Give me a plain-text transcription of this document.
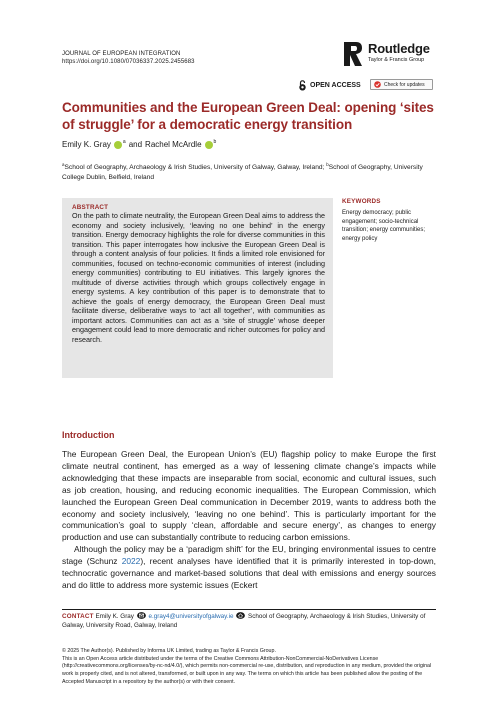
JOURNAL OF EUROPEAN INTEGRATION
https://doi.org/10.1080/07036337.2025.2455683
Routledge
Taylor & Francis Group
OPEN ACCESS	Check for updates
Communities and the European Green Deal: opening ‘sites of struggle’ for a democratic energy transition
Emily K. Gray a and Rachel McArdle b
$^a$School of Geography, Archaeology & Irish Studies, University of Galway, Galway, Ireland; $^b$School of Geography, University College Dublin, Belfield, Ireland
ABSTRACT
On the path to climate neutrality, the European Green Deal aims to address the economy and society inclusively, ‘leaving no one behind’ in the energy transition. Energy democracy highlights the role for diverse communities in this transition. This paper interrogates how inclusive the European Green Deal is through a content analysis of four policies. It finds a limited role envisioned for communities, focused on techno-economic communities of interest (including energy communities) contributing to EU initiatives. This largely ignores the multitude of diverse activities through which groups collectively engage in energy systems. A key contribution of this paper is to demonstrate that to achieve the goals of energy democracy, the European Green Deal must facilitate diverse, deliberative ways to ‘act all together’, with communities as important actors. Communities can act as a ‘site of struggle’ whose deeper engagement could lead to more democratic and richer outcomes for policy and research.
KEYWORDS
Energy democracy; public engagement; socio-technical transition; energy communities; energy policy
Introduction

The European Green Deal, the European Union’s (EU) flagship policy to make Europe the first climate neutral continent, has emerged as a way of lessening climate change’s impacts while acknowledging that these impacts are inseparable from social, economic and cultural issues, such as job creation, housing, and reducing economic inequalities. The European Commission, which launched the European Green Deal communication in December 2019, wants to address both the economy and society inclusively, ‘leaving no one behind’. This is particularly important for the communication’s goal to supply ‘clean, affordable and secure energy’, as changes to energy production and use can substantially contribute to reducing carbon emissions.

Although the policy may be a ‘paradigm shift’ for the EU, bringing environmental issues to centre stage (Schunz 2022), recent analyses have identified that it is primarily interested in top-down, technocratic governance and market-based solutions that deal with emissions and energy sources and do little to address more systemic issues (Eckert

CONTACT Emily K. Gray e.gray4@universityofgalway.ie School of Geography, Archaeology & Irish Studies, University of Galway, University Road, Galway, Ireland
© 2025 The Author(s). Published by Informa UK Limited, trading as Taylor & Francis Group.
This is an Open Access article distributed under the terms of the Creative Commons Attribution-NonCommercial-NoDerivatives License (http://creativecommons.org/licenses/by-nc-nd/4.0/), which permits non-commercial re-use, distribution, and reproduction in any medium, provided the original work is properly cited, and is not altered, transformed, or built upon in any way. The terms on which this article has been published allow the posting of the Accepted Manuscript in a repository by the author(s) or with their consent.
